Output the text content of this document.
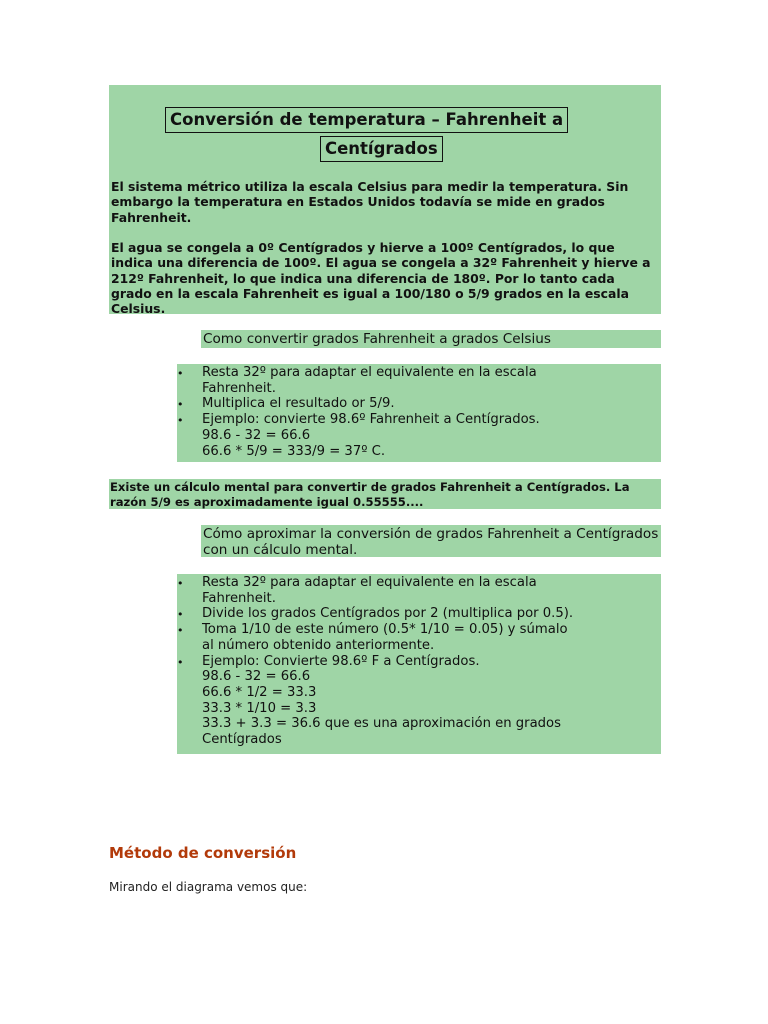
Conversión de temperatura – Fahrenheit a
Centígrados

El sistema métrico utiliza la escala Celsius para medir la temperatura. Sin embargo la temperatura en Estados Unidos todavía se mide en grados Fahrenheit.

El agua se congela a 0º Centígrados y hierve a 100º Centígrados, lo que indica una diferencia de 100º. El agua se congela a 32º Fahrenheit y hierve a 212º Fahrenheit, lo que indica una diferencia de 180º. Por lo tanto cada grado en la escala Fahrenheit es igual a 100/180 o 5/9 grados en la escala Celsius.

Como convertir grados Fahrenheit a grados Celsius
• Resta 32º para adaptar el equivalente en la escala
Fahrenheit.
• Multiplica el resultado or 5/9.
• Ejemplo: convierte 98.6º Fahrenheit a Centígrados.
98.6 - 32 = 66.6
66.6 * 5/9 = 333/9 = 37º C.
Existe un cálculo mental para convertir de grados Fahrenheit a Centígrados. La razón 5/9 es aproximadamente igual 0.55555....
Cómo aproximar la conversión de grados Fahrenheit a Centígrados con un cálculo mental.
• Resta 32º para adaptar el equivalente en la escala
Fahrenheit.
• Divide los grados Centígrados por 2 (multiplica por 0.5).
• Toma 1/10 de este número (0.5* 1/10 = 0.05) y súmalo
al número obtenido anteriormente.
• Ejemplo: Convierte 98.6º F a Centígrados.
98.6 - 32 = 66.6
66.6 * 1/2 = 33.3
33.3 * 1/10 = 3.3
33.3 + 3.3 = 36.6 que es una aproximación en grados
Centígrados
Método de conversión

Mirando el diagrama vemos que:
